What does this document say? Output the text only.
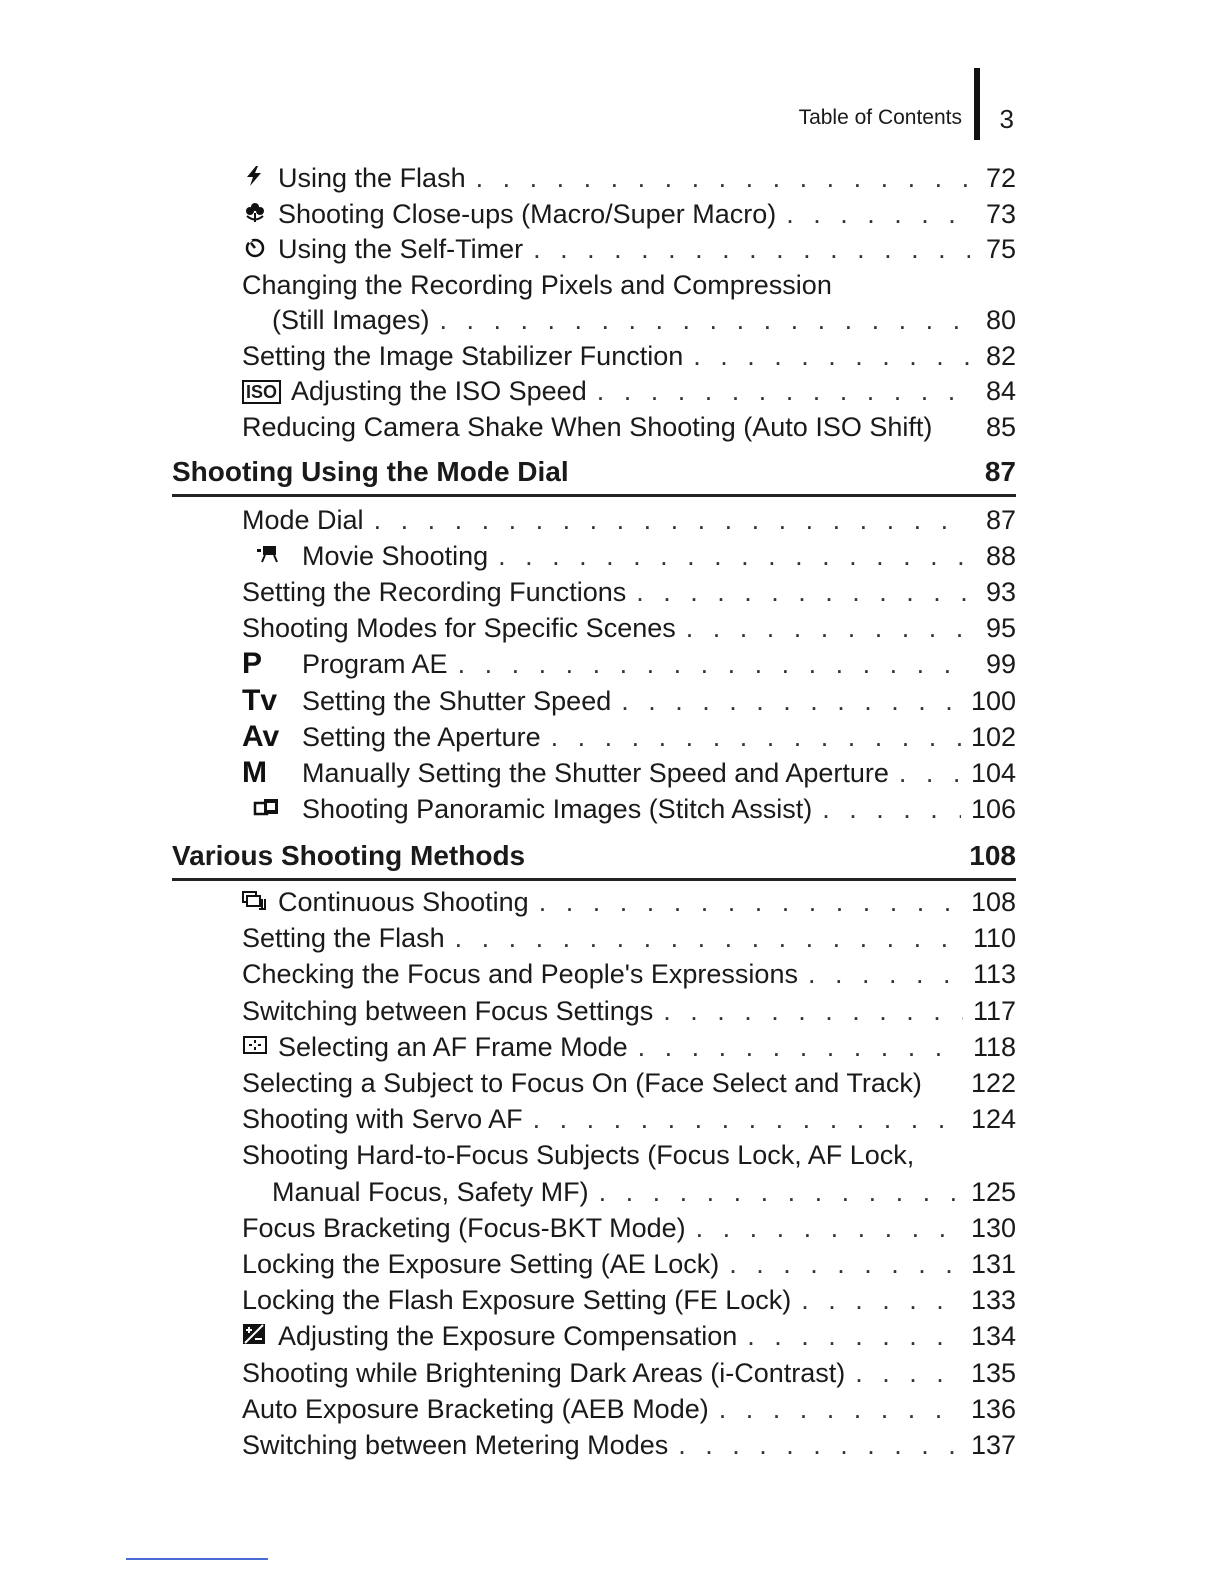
Table of Contents 3
Shooting Using the Mode Dial	87
Various Shooting Methods	108
Using the Flash . . .	72
Shooting Close-ups (Macro/Super Macro) . . .	73
Using the Self-Timer . . .	75
Changing the Recording Pixels and Compression
(Still Images) . . .	80
Setting the Image Stabilizer Function . . .	82
ISO Adjusting the ISO Speed . . .	84
Reducing Camera Shake When Shooting (Auto ISO Shift) 85
Mode Dial . . .	87
Movie Shooting . . .	88
Setting the Recording Functions . . .	93
Shooting Modes for Specific Scenes . . .	95
P	Program AE . . .	99
Tv Setting the Shutter Speed . . .	100
Av Setting the Aperture . . .	102
M	Manually Setting the Shutter Speed and Aperture . . .	104
Shooting Panoramic Images (Stitch Assist) . . .	106
Continuous Shooting . . .	108
Setting the Flash . . .	110
Checking the Focus and People's Expressions . . .	113
Switching between Focus Settings . . .	117
Selecting an AF Frame Mode . . .	118
Selecting a Subject to Focus On (Face Select and Track) 122
Shooting with Servo AF . . .	124
Shooting Hard-to-Focus Subjects (Focus Lock, AF Lock,
Manual Focus, Safety MF) . . .	125
Focus Bracketing (Focus-BKT Mode) . . .	130
Locking the Exposure Setting (AE Lock) . . .	131
Locking the Flash Exposure Setting (FE Lock) . . .	133
Adjusting the Exposure Compensation . . .	134
Shooting while Brightening Dark Areas (i-Contrast) . . .	135
Auto Exposure Bracketing (AEB Mode) . . .	136
Switching between Metering Modes . . .	137
